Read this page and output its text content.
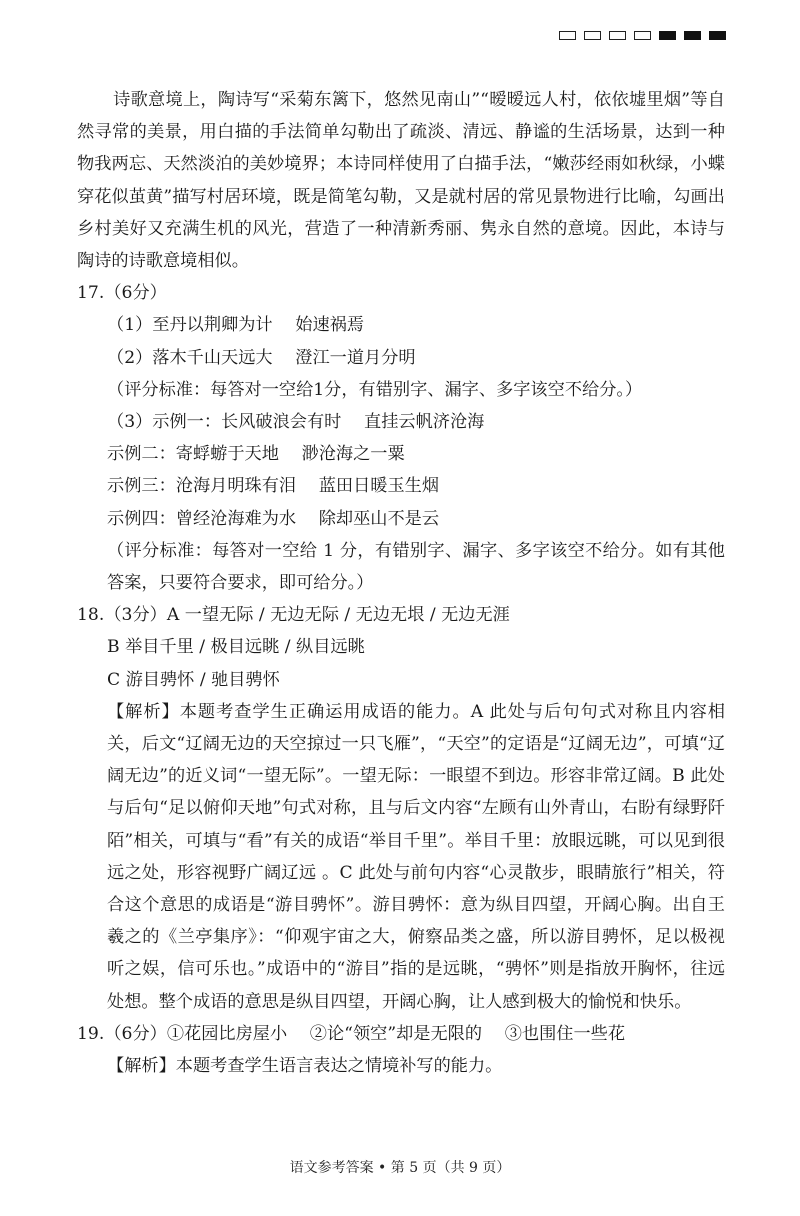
诗歌意境上，陶诗写“采菊东篱下，悠然见南山”“暧暧远人村，依依墟里烟”等自然寻常的美景，用白描的手法简单勾勒出了疏淡、清远、静谧的生活场景，达到一种物我两忘、天然淡泊的美妙境界；本诗同样使用了白描手法，“嫩莎经雨如秋绿，小蝶穿花似茧黄”描写村居环境，既是简笔勾勒，又是就村居的常见景物进行比喻，勾画出乡村美好又充满生机的风光，营造了一种清新秀丽、隽永自然的意境。因此，本诗与陶诗的诗歌意境相似。

17.（6分）

（1）至丹以荆卿为计　 始速祸焉

（2）落木千山天远大　 澄江一道月分明

（评分标准：每答对一空给1分，有错别字、漏字、多字该空不给分。）

（3）示例一：长风破浪会有时　 直挂云帆济沧海

示例二：寄蜉蝣于天地　 渺沧海之一粟

示例三：沧海月明珠有泪　 蓝田日暖玉生烟

示例四：曾经沧海难为水　 除却巫山不是云

（评分标准：每答对一空给 1 分，有错别字、漏字、多字该空不给分。如有其他答案，只要符合要求，即可给分。）

18.（3分）A 一望无际 / 无边无际 / 无边无垠 / 无边无涯

B 举目千里 / 极目远眺 / 纵目远眺

C 游目骋怀 / 驰目骋怀

【解析】本题考查学生正确运用成语的能力。A 此处与后句句式对称且内容相关，后文“辽阔无边的天空掠过一只飞雁”，“天空”的定语是“辽阔无边”，可填“辽阔无边”的近义词“一望无际”。一望无际：一眼望不到边。形容非常辽阔。B 此处与后句“足以俯仰天地”句式对称，且与后文内容“左顾有山外青山，右盼有绿野阡陌”相关，可填与“看”有关的成语“举目千里”。举目千里：放眼远眺，可以见到很远之处，形容视野广阔辽远 。C 此处与前句内容“心灵散步，眼睛旅行”相关，符合这个意思的成语是“游目骋怀”。游目骋怀：意为纵目四望，开阔心胸。出自王羲之的《兰亭集序》：“仰观宇宙之大，俯察品类之盛，所以游目骋怀，足以极视听之娱，信可乐也。”成语中的“游目”指的是远眺，“骋怀”则是指放开胸怀，往远处想。整个成语的意思是纵目四望，开阔心胸，让人感到极大的愉悦和快乐。

19.（6分）①花园比房屋小　 ②论“领空”却是无限的　 ③也围住一些花

【解析】本题考查学生语言表达之情境补写的能力。

语文参考答案 • 第 5 页（共 9 页）
